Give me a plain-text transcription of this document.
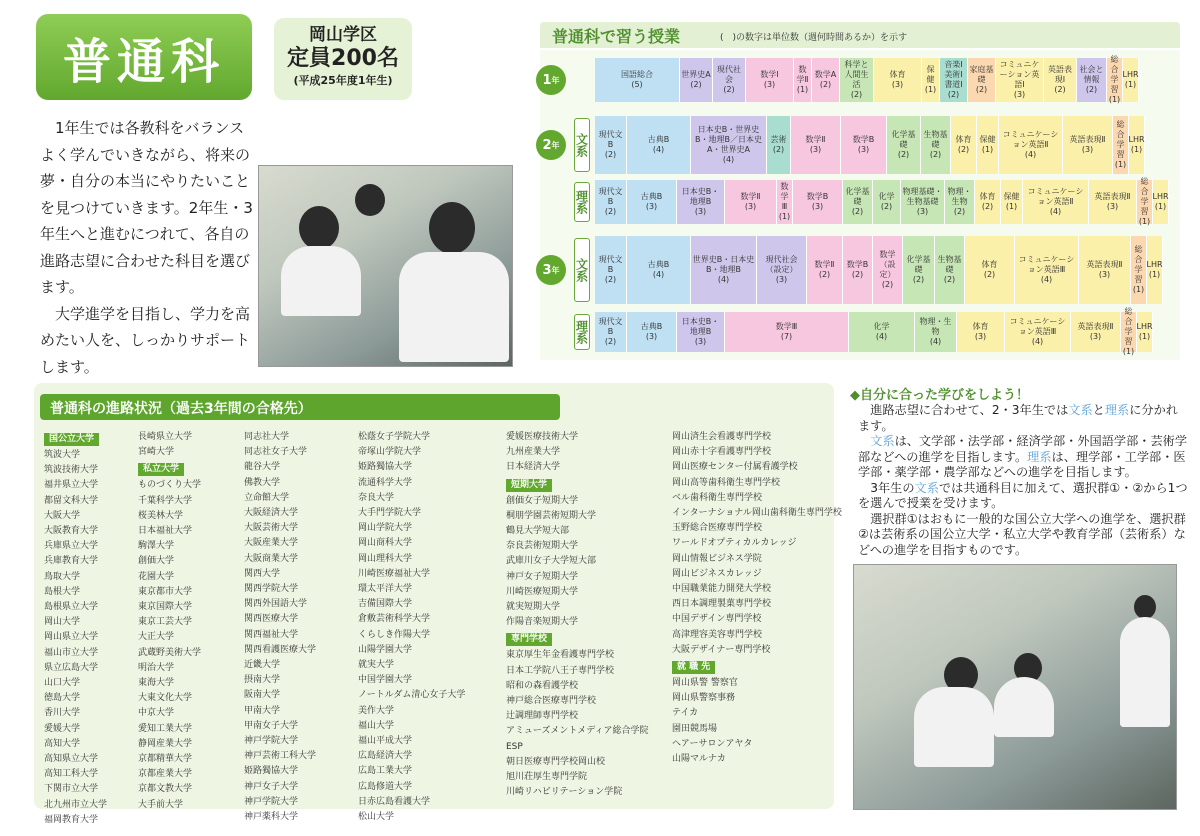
普通科	岡山学区
定員200名
(平成25年度1年生)

1年生では各教科をバランスよく学んでいきながら、将来の夢・自分の本当にやりたいことを見つけていきます。2年生・3年生へと進むにつれて、各自の進路志望に合わせた科目を選びます。

大学進学を目指し、学力を高めたい人を、しっかりサポートします。

普通科で習う授業	(　)の数字は単位数（週何時間あるか）を示す
1 年
国語総合
(5)
世界史A
(2)
現代社会
(2)
数学Ⅰ
(3)
数学Ⅱ
(1)
数学A
(2)
科学と人間生活
(2)
体育
(3)
保健
(1)
音楽Ⅰ美術Ⅰ書道Ⅰ
(2)
家庭基礎
(2)
コミュニケーション英語Ⅰ
(3)
英語表現Ⅰ
(2)
社会と情報
(2)
総合学習
(1)
LHR
(1)
2 年 文系	現代文B
(2)
古典B
(4)
日本史B・世界史B・地理B／日本史A・世界史A
(4)
芸術
(2)
数学Ⅱ
(3)
数学B
(3)
化学基礎
(2)
生物基礎
(2)
体育
(2)
保健
(1)
コミュニケーション英語Ⅱ
(4)
英語表現Ⅱ
(3)
総合学習
(1)
LHR
(1)
理系	現代文B
(2)
古典B
(3)
日本史B・地理B
(3)
数学Ⅱ
(3)
数学Ⅲ
(1)
数学B
(3)
化学基礎
(2)
化学
(2)
物理基礎・生物基礎
(3)
物理・生物
(2)
体育
(2)
保健
(1)
コミュニケーション英語Ⅱ
(4)
英語表現Ⅱ
(3)
総合学習
(1)
LHR
(1)
3 年 文系	現代文B
(2)
古典B
(4)
世界史B・日本史B・地理B
(4)
現代社会（設定）
(3)
数学Ⅱ
(2)
数学B
(2)
数学（設定）
(2)
化学基礎
(2)
生物基礎
(2)
体育
(2)
コミュニケーション英語Ⅲ
(4)
英語表現Ⅱ
(3)
総合学習
(1)
LHR
(1)
理系	現代文B
(2)
古典B
(3)
日本史B・地理B
(3)
数学Ⅲ
(7)
化学
(4)
物理・生物
(4)
体育
(3)
コミュニケーション英語Ⅲ
(4)
英語表現Ⅱ
(3)
総合学習
(1)
LHR
(1)
普通科の進路状況（過去3年間の合格先）
国公立大学
筑波大学
筑波技術大学
福井県立大学
都留文科大学
大阪大学
大阪教育大学
兵庫県立大学
兵庫教育大学
鳥取大学
島根大学
島根県立大学
岡山大学
岡山県立大学
福山市立大学
県立広島大学
山口大学
徳島大学
香川大学
愛媛大学
高知大学
高知県立大学
高知工科大学
下関市立大学
北九州市立大学
福岡教育大学
長崎県立大学
宮崎大学
私立大学
ものづくり大学
千葉科学大学
桜美林大学
日本福祉大学
駒澤大学
創価大学
花園大学
東京都市大学
東京国際大学
東京工芸大学
大正大学
武蔵野美術大学
明治大学
東海大学
大東文化大学
中京大学
愛知工業大学
静岡産業大学
京都精華大学
京都産業大学
京都文教大学
大手前大学
同志社大学
同志社女子大学
龍谷大学
佛教大学
立命館大学
大阪経済大学
大阪芸術大学
大阪産業大学
大阪商業大学
関西大学
関西学院大学
関西外国語大学
関西医療大学
関西福祉大学
関西看護医療大学
近畿大学
摂南大学
阪南大学
甲南大学
甲南女子大学
神戸学院大学
神戸芸術工科大学
姫路獨協大学
神戸女子大学
神戸学院大学
神戸薬科大学
松蔭女子学院大学
帝塚山学院大学
姫路獨協大学
流通科学大学
奈良大学
大手門学院大学
岡山学院大学
岡山商科大学
岡山理科大学
川崎医療福祉大学
環太平洋大学
吉備国際大学
倉敷芸術科学大学
くらしき作陽大学
山陽学園大学
就実大学
中国学園大学
ノートルダム清心女子大学
美作大学
福山大学
福山平成大学
広島経済大学
広島工業大学
広島修道大学
日赤広島看護大学
松山大学
愛媛医療技術大学
九州産業大学
日本経済大学
短期大学
創価女子短期大学
桐朋学園芸術短期大学
鶴見大学短大部
奈良芸術短期大学
武庫川女子大学短大部
神戸女子短期大学
川崎医療短期大学
就実短期大学
作陽音楽短期大学
専門学校
東京厚生年金看護専門学校
日本工学院八王子専門学校
昭和の森看護学校
神戸総合医療専門学校
辻調理師専門学校
アミューズメントメディア総合学院
ESP
朝日医療専門学校岡山校
旭川荘厚生専門学院
川崎リハビリテーション学院
岡山済生会看護専門学校
岡山赤十字看護専門学校
岡山医療センター付属看護学校
岡山高等歯科衛生専門学校
ベル歯科衛生専門学校
インターナショナル岡山歯科衛生専門学校
玉野総合医療専門学校
ワールドオプティカルカレッジ
岡山情報ビジネス学院
岡山ビジネスカレッジ
中国職業能力開発大学校
西日本調理製菓専門学校
中国デザイン専門学校
高津理容美容専門学校
大阪デザイナー専門学校
就 職 先
岡山県警 警察官
岡山県警察事務
テイカ
園田競馬場
ヘアーサロンアヤタ
山陽マルナカ
◆自分に合った学びをしよう！

進路志望に合わせて、2・3年生では文系と理系に分かれます。

文系は、文学部・法学部・経済学部・外国語学部・芸術学部などへの進学を目指します。理系は、理学部・工学部・医学部・薬学部・農学部などへの進学を目指します。

3年生の文系では共通科目に加えて、選択群①・②から1つを選んで授業を受けます。

選択群①はおもに一般的な国公立大学への進学を、選択群②は芸術系の国公立大学・私立大学や教育学部（芸術系）などへの進学を目指すものです。
